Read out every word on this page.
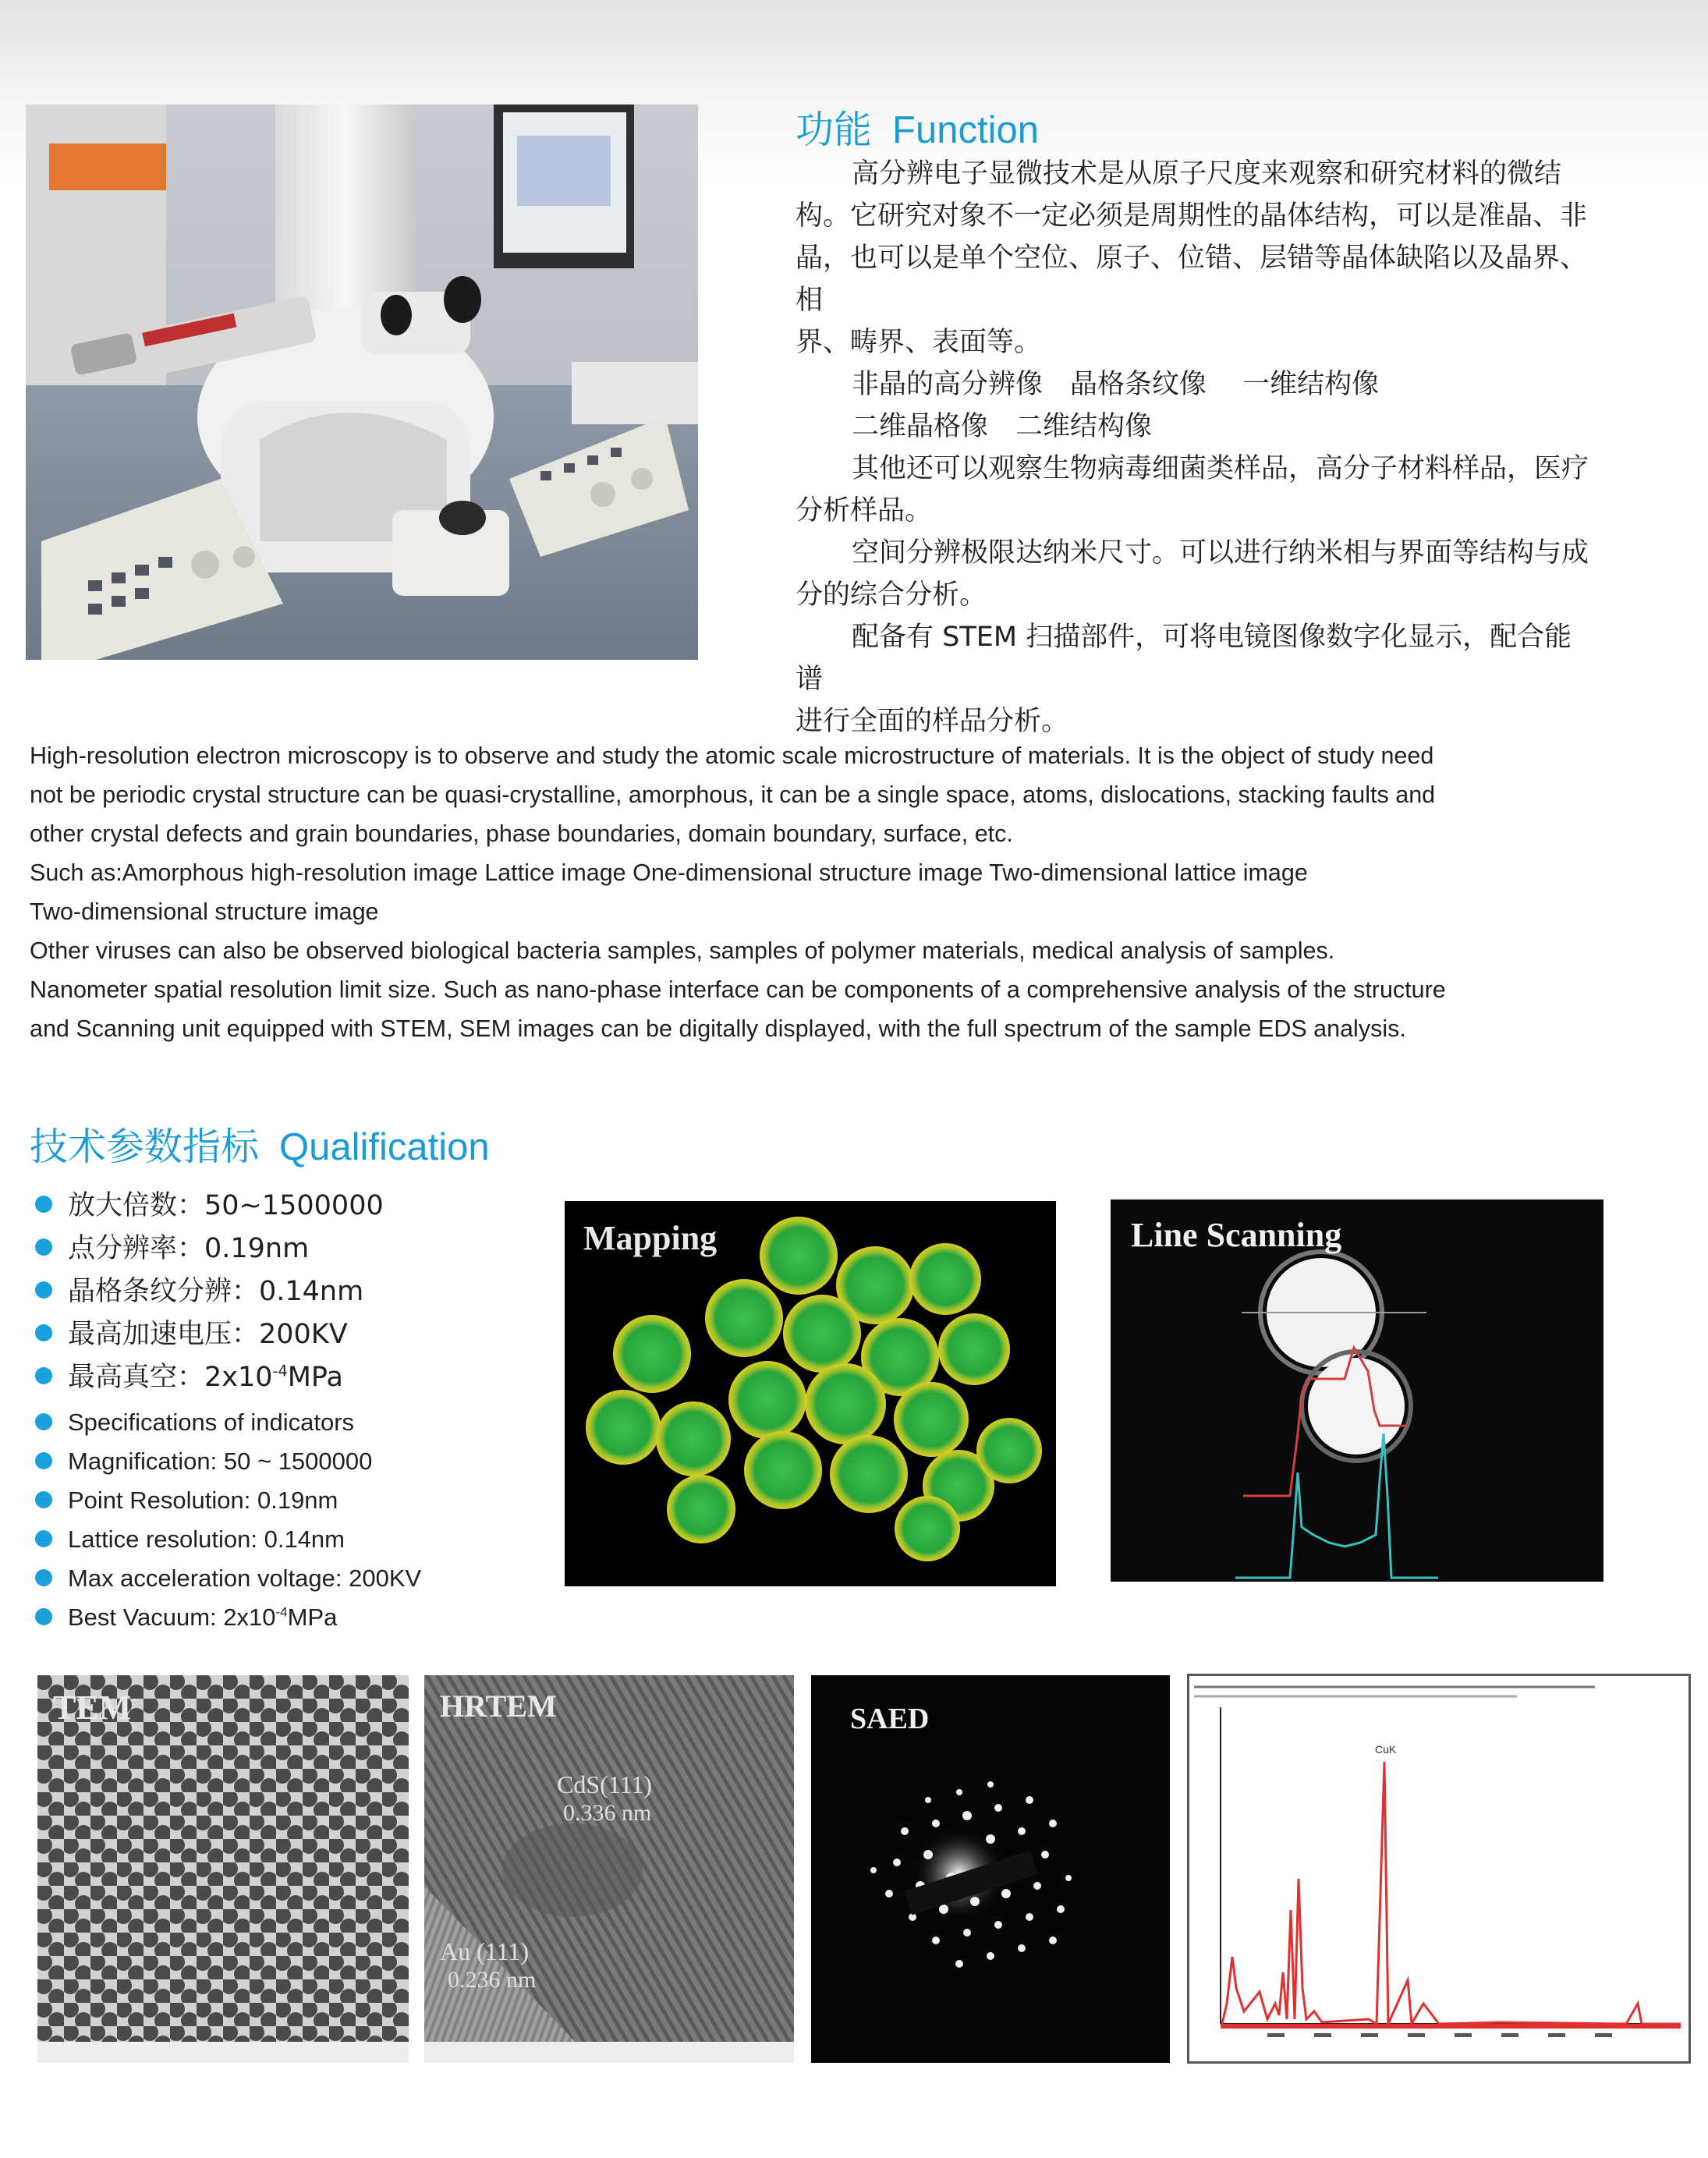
功能 Function

高分辨电子显微技术是从原子尺度来观察和研究材料的微结

构。它研究对象不一定必须是周期性的晶体结构，可以是准晶、非

晶，也可以是单个空位、原子、位错、层错等晶体缺陷以及晶界、相

界、畴界、表面等。

非晶的高分辨像　晶格条纹像　 一维结构像

二维晶格像　二维结构像

其他还可以观察生物病毒细菌类样品，高分子材料样品，医疗

分析样品。

空间分辨极限达纳米尺寸。可以进行纳米相与界面等结构与成

分的综合分析。

配备有 STEM 扫描部件，可将电镜图像数字化显示，配合能谱

进行全面的样品分析。

High-resolution electron microscopy is to observe and study the atomic scale microstructure of materials. It is the object of study need

not be periodic crystal structure can be quasi-crystalline, amorphous, it can be a single space, atoms, dislocations, stacking faults and

other crystal defects and grain boundaries, phase boundaries, domain boundary, surface, etc.

Such as:Amorphous high-resolution image Lattice image One-dimensional structure image Two-dimensional lattice image

Two-dimensional structure image

Other viruses can also be observed biological bacteria samples, samples of polymer materials, medical analysis of samples.

Nanometer spatial resolution limit size. Such as nano-phase interface can be components of a comprehensive analysis of the structure

and Scanning unit equipped with STEM, SEM images can be digitally displayed, with the full spectrum of the sample EDS analysis.

技术参数指标 Qualification
放大倍数：50~1500000
点分辨率：0.19nm
晶格条纹分辨：0.14nm
最高加速电压：200KV
最高真空：$2x10^{-4}MPa$
Specifications of indicators
Magnification: 50 ~ 1500000
Point Resolution: 0.19nm
Lattice resolution: 0.14nm
Max acceleration voltage: 200KV
Best Vacuum: $2x10^{-4}MPa$
Mapping	Line Scanning
TEM	HRTEM
CdS(111)
0.336 nm
Au (111)
0.236 nm
SAED
CuK
